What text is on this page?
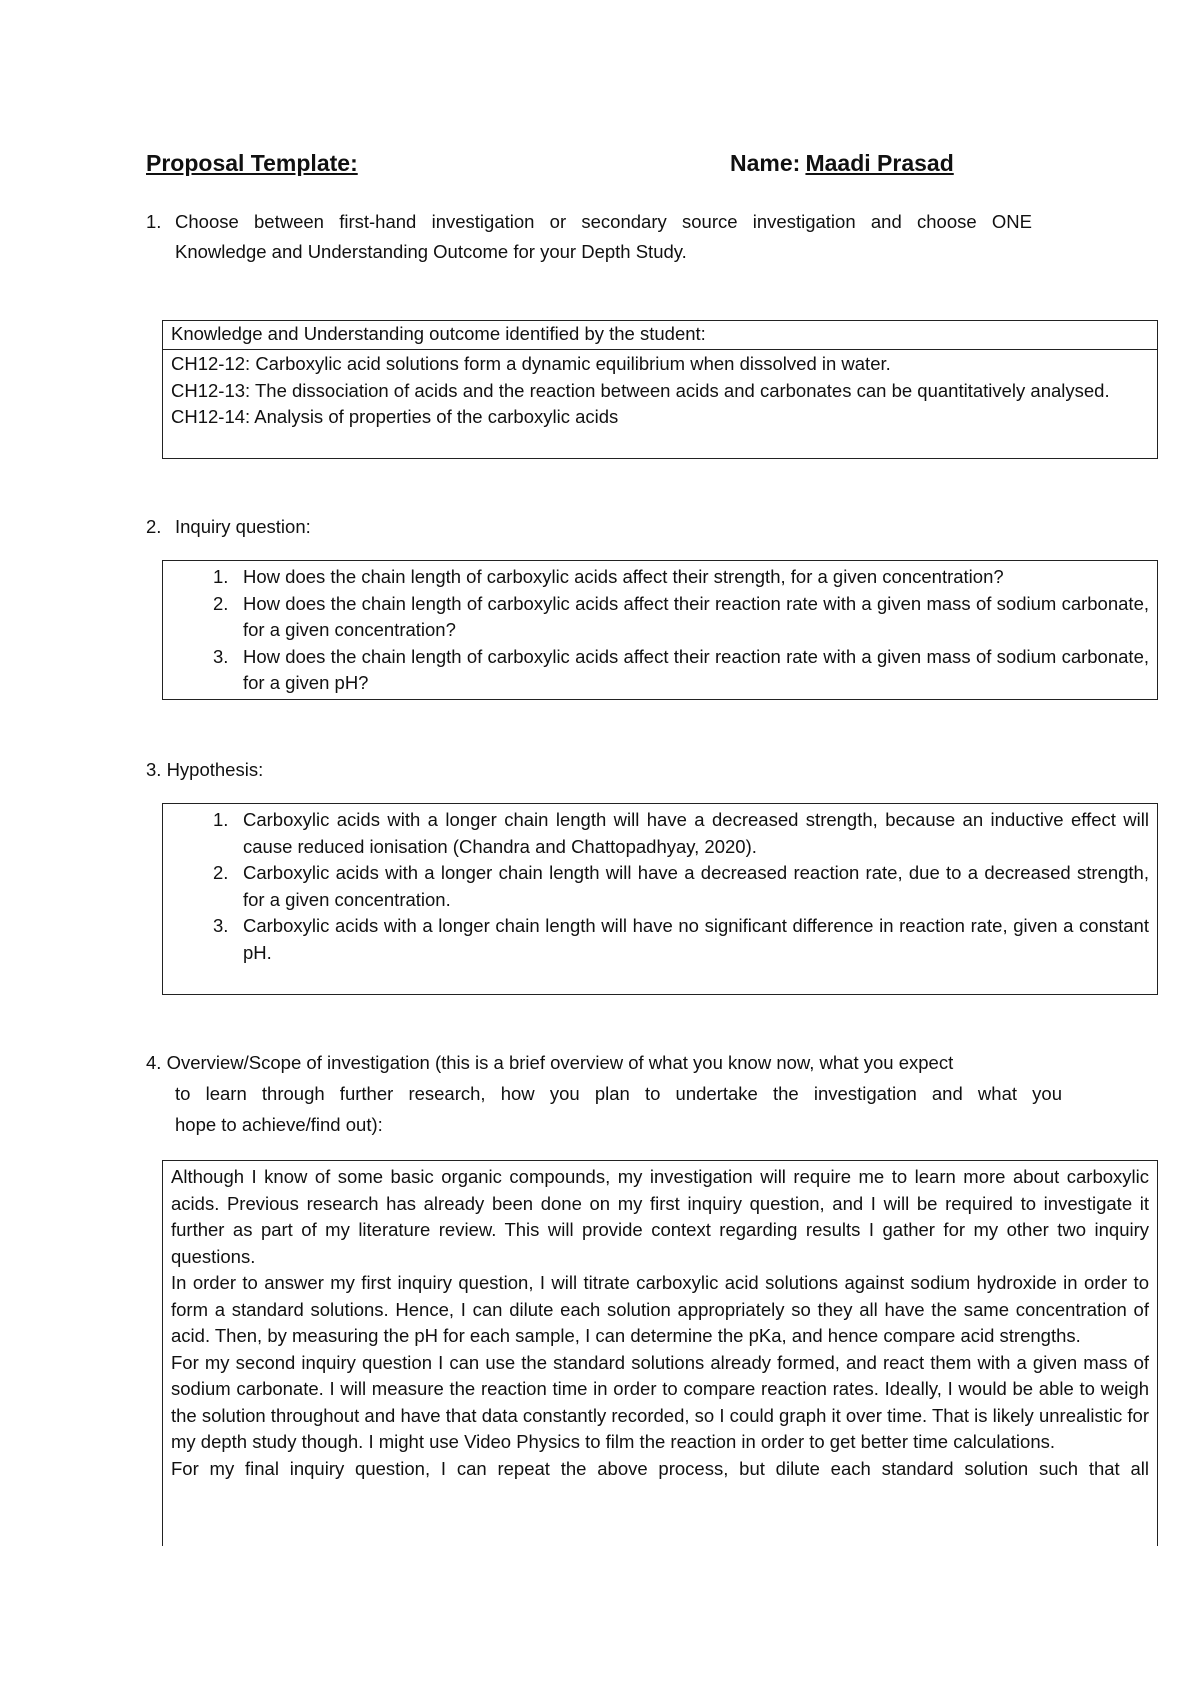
Proposal Template:	Name: Maadi Prasad
1. Choose between first-hand investigation or secondary source investigation and choose ONE
Knowledge and Understanding Outcome for your Depth Study.

Knowledge and Understanding outcome identified by the student:

CH12-12: Carboxylic acid solutions form a dynamic equilibrium when dissolved in water.

CH12-13: The dissociation of acids and the reaction between acids and carbonates can be quantitatively analysed.

CH12-14: Analysis of properties of the carboxylic acids

2. Inquiry question:
1. How does the chain length of carboxylic acids affect their strength, for a given concentration?
2. How does the chain length of carboxylic acids affect their reaction rate with a given mass of sodium carbonate, for a given concentration?
3. How does the chain length of carboxylic acids affect their reaction rate with a given mass of sodium carbonate, for a given pH?
3. Hypothesis:
1. Carboxylic acids with a longer chain length will have a decreased strength, because an inductive effect will cause reduced ionisation (Chandra and Chattopadhyay, 2020).
2. Carboxylic acids with a longer chain length will have a decreased reaction rate, due to a decreased strength, for a given concentration.
3. Carboxylic acids with a longer chain length will have no significant difference in reaction rate, given a constant pH.
4. Overview/Scope of investigation (this is a brief overview of what you know now, what you expect
to learn through further research, how you plan to undertake the investigation and what you
hope to achieve/find out):

Although I know of some basic organic compounds, my investigation will require me to learn more about carboxylic acids. Previous research has already been done on my first inquiry question, and I will be required to investigate it further as part of my literature review. This will provide context regarding results I gather for my other two inquiry questions.

In order to answer my first inquiry question, I will titrate carboxylic acid solutions against sodium hydroxide in order to form a standard solutions. Hence, I can dilute each solution appropriately so they all have the same concentration of acid. Then, by measuring the pH for each sample, I can determine the pKa, and hence compare acid strengths.

For my second inquiry question I can use the standard solutions already formed, and react them with a given mass of sodium carbonate. I will measure the reaction time in order to compare reaction rates. Ideally, I would be able to weigh the solution throughout and have that data constantly recorded, so I could graph it over time. That is likely unrealistic for my depth study though. I might use Video Physics to film the reaction in order to get better time calculations.

For my final inquiry question, I can repeat the above process, but dilute each standard solution such that all
